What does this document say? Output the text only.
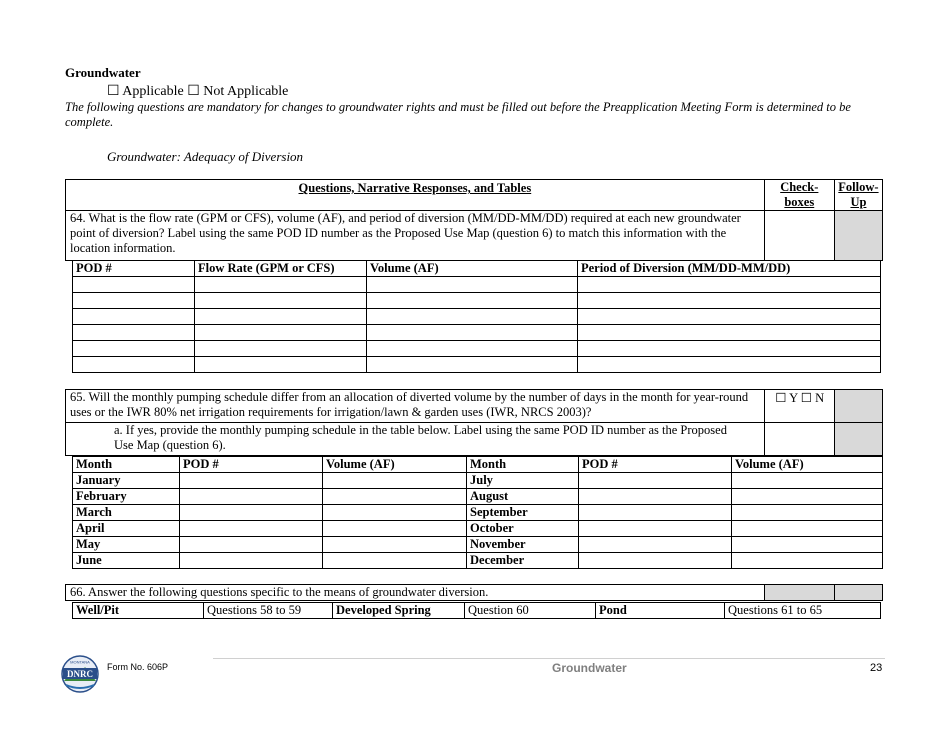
Groundwater
☐ Applicable ☐ Not Applicable
The following questions are mandatory for changes to groundwater rights and must be filled out before the Preapplication Meeting Form is determined to be complete.
Groundwater: Adequacy of Diversion
Questions, Narrative Responses, and Tables	Check-boxes	Follow-Up
64. What is the flow rate (GPM or CFS), volume (AF), and period of diversion (MM/DD-MM/DD) required at each new groundwater point of diversion? Label using the same POD ID number as the Proposed Use Map (question 6) to match this information with the location information.		
POD #	Flow Rate (GPM or CFS)	Volume (AF)	Period of Diversion (MM/DD-MM/DD)

65. Will the monthly pumping schedule differ from an allocation of diverted volume by the number of days in the month for year-round uses or the IWR 80% net irrigation requirements for irrigation/lawn & garden uses (IWR, NRCS 2003)?	☐ Y ☐ N	
a. If yes, provide the monthly pumping schedule in the table below. Label using the same POD ID number as the Proposed Use Map (question 6).		
Month	POD #	Volume (AF)	Month	POD #	Volume (AF)
January			July		
February			August		
March			September		
April			October		
May			November		
June			December		
66. Answer the following questions specific to the means of groundwater diversion.		
Well/Pit	Questions 58 to 59	Developed Spring	Question 60	Pond	Questions 61 to 65
MONTANA
DNRC
Form No. 606P	Groundwater	23
